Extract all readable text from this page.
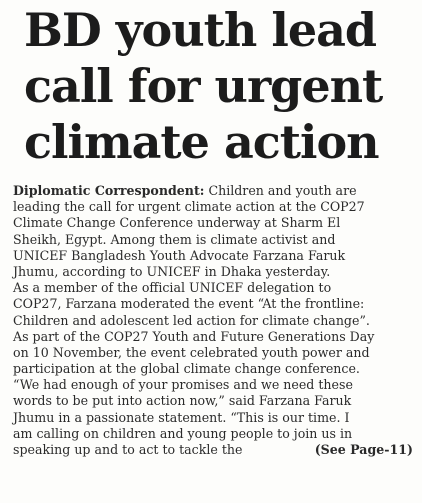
BD youth lead
call for urgent
climate action
Diplomatic Correspondent: Children and youth are
leading the call for urgent climate action at the COP27
Climate Change Conference underway at Sharm El
Sheikh, Egypt. Among them is climate activist and
UNICEF Bangladesh Youth Advocate Farzana Faruk
Jhumu, according to UNICEF in Dhaka yesterday.
As a member of the official UNICEF delegation to
COP27, Farzana moderated the event “At the frontline:
Children and adolescent led action for climate change”.
As part of the COP27 Youth and Future Generations Day
on 10 November, the event celebrated youth power and
participation at the global climate change conference.
“We had enough of your promises and we need these
words to be put into action now,” said Farzana Faruk
Jhumu in a passionate statement. “This is our time. I
am calling on children and young people to join us in
speaking up and to act to tackle the	(See Page-11)
